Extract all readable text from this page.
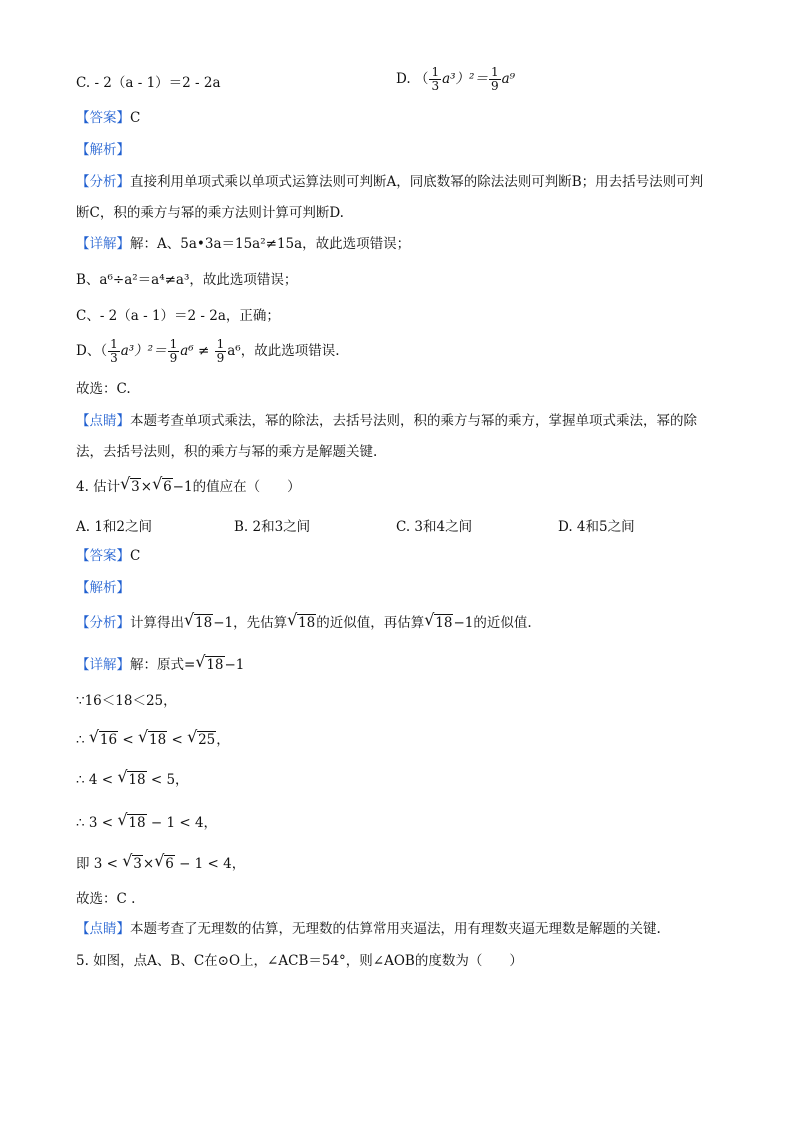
C. - 2（a - 1）＝2 - 2a	D. （ $\frac{1}{3} a^3)^2= \frac{1}{9} a^9$
【答案】C
【解析】
【分析】直接利用单项式乘以单项式运算法则可判断A，同底数幂的除法法则可判断B；用去括号法则可判
断C，积的乘方与幂的乘方法则计算可判断D.
【详解】解：A、5a•3a＝15a²≠15a，故此选项错误；
B、a⁶÷a²＝a⁴≠a³，故此选项错误；
C、- 2（a - 1）＝2 - 2a，正确；
D、（ $\frac{1}{3} a^3)^2= \frac{1}{9} a^6 \ne \frac{1}{9} a^6$，故此选项错误.
故选：C.
【点睛】本题考查单项式乘法，幂的除法，去括号法则，积的乘方与幂的乘方，掌握单项式乘法，幂的除
法，去括号法则，积的乘方与幂的乘方是解题关键.
4. 估计 √ 3× √ 6−1的值应在（　　）
A. 1和2之间	B. 2和3之间	C. 3和4之间	D. 4和5之间
【答案】C
【解析】
【分析】计算得出 √ 18−1，先估算 √ 18的近似值，再估算 √ 18−1的近似值.
【详解】解：原式= √ 18−1
∵16＜18＜25，
∴ √ 16 < √ 18 < √ 25，
∴ 4 < √ 18 < 5，
∴ 3 < √ 18 − 1 < 4，
即 3 < √ 3× √ 6 − 1 < 4，
故选：C .
【点睛】本题考查了无理数的估算，无理数的估算常用夹逼法，用有理数夹逼无理数是解题的关键.
5. 如图，点A、B、C在⊙O上，∠ACB＝54°，则∠AOB的度数为（　　）
